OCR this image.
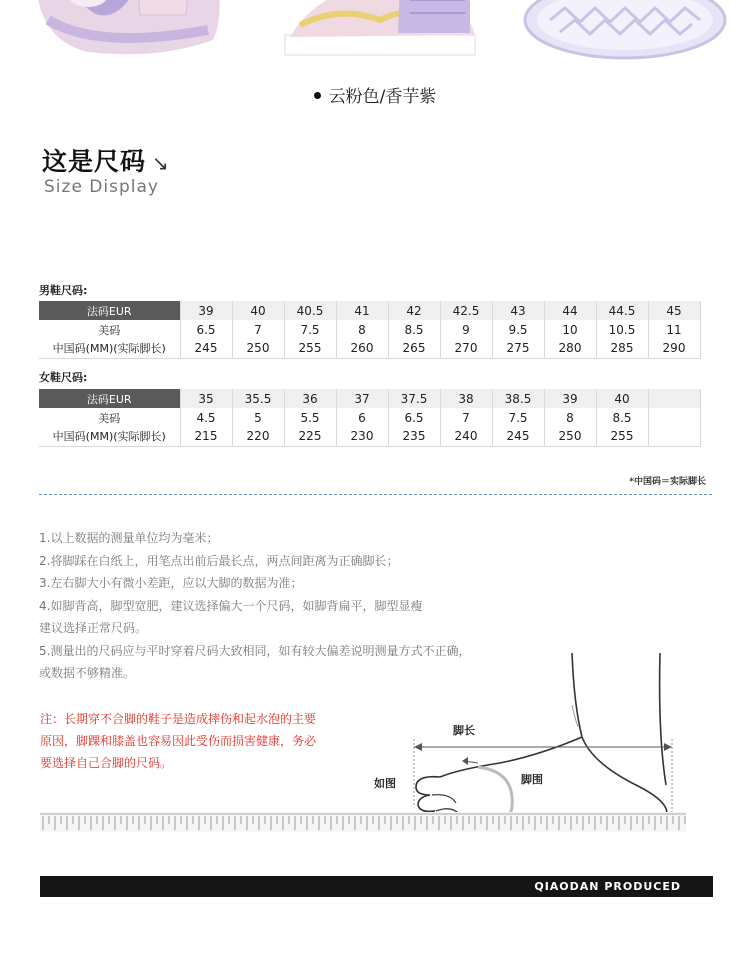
云粉色/香芋紫
这是尺码 ↘
Size Display
男鞋尺码:
法码EUR	39	40	40.5	41	42	42.5	43	44	44.5	45
美码	6.5	7	7.5	8	8.5	9	9.5	10	10.5	11
中国码(MM)(实际脚长)	245	250	255	260	265	270	275	280	285	290
女鞋尺码:
法码EUR	35	35.5	36	37	37.5	38	38.5	39	40	
美码	4.5	5	5.5	6	6.5	7	7.5	8	8.5	
中国码(MM)(实际脚长)	215	220	225	230	235	240	245	250	255	
*中国码＝实际脚长
1.以上数据的测量单位均为毫米；
2.将脚踩在白纸上，用笔点出前后最长点，两点间距离为正确脚长；
3.左右脚大小有微小差距，应以大脚的数据为准；
4.如脚背高，脚型宽肥，建议选择偏大一个尺码，如脚背扁平，脚型显瘦
建议选择正常尺码。
5.测量出的尺码应与平时穿着尺码大致相同，如有较大偏差说明测量方式不正确，
或数据不够精准。
注：长期穿不合脚的鞋子是造成摔伤和起水泡的主要
原因，脚踝和膝盖也容易因此受伤而损害健康，务必
要选择自己合脚的尺码。
脚长
脚围
如图
QIAODAN PRODUCED
